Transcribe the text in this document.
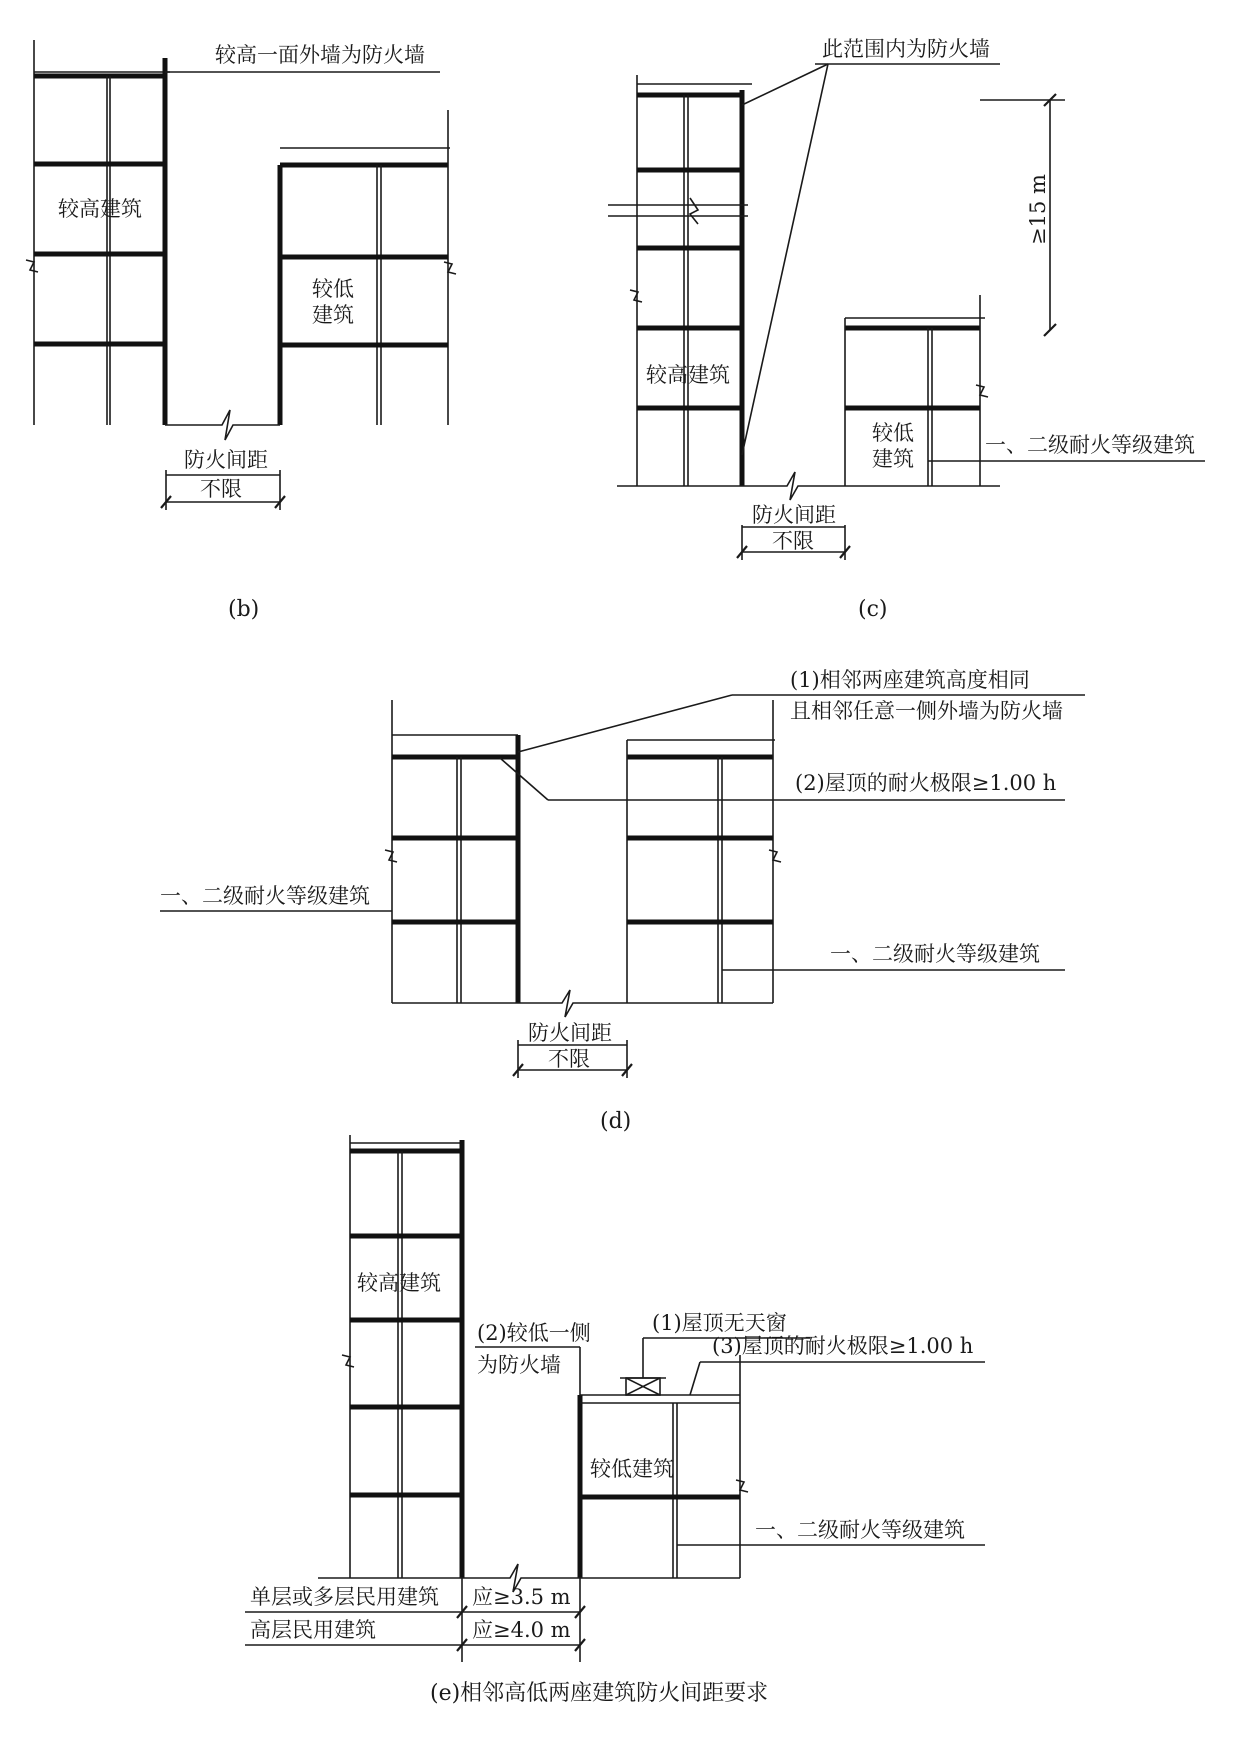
较高建筑
较高一面外墙为防火墙
较低
建筑
防火间距
不限
(b)
较高建筑
此范围内为防火墙
≥15 m
较低
建筑
一、二级耐火等级建筑
防火间距
不限
(c)
(1)相邻两座建筑高度相同
且相邻任意一侧外墙为防火墙
(2)屋顶的耐火极限≥1.00 h
一、二级耐火等级建筑
一、二级耐火等级建筑
防火间距
不限
(d)
较高建筑
较低建筑
(1)屋顶无天窗
(2)较低一侧
为防火墙
(3)屋顶的耐火极限≥1.00 h
一、二级耐火等级建筑
单层或多层民用建筑 应≥3.5 m
高层民用建筑	应≥4.0 m
(e)相邻高低两座建筑防火间距要求
